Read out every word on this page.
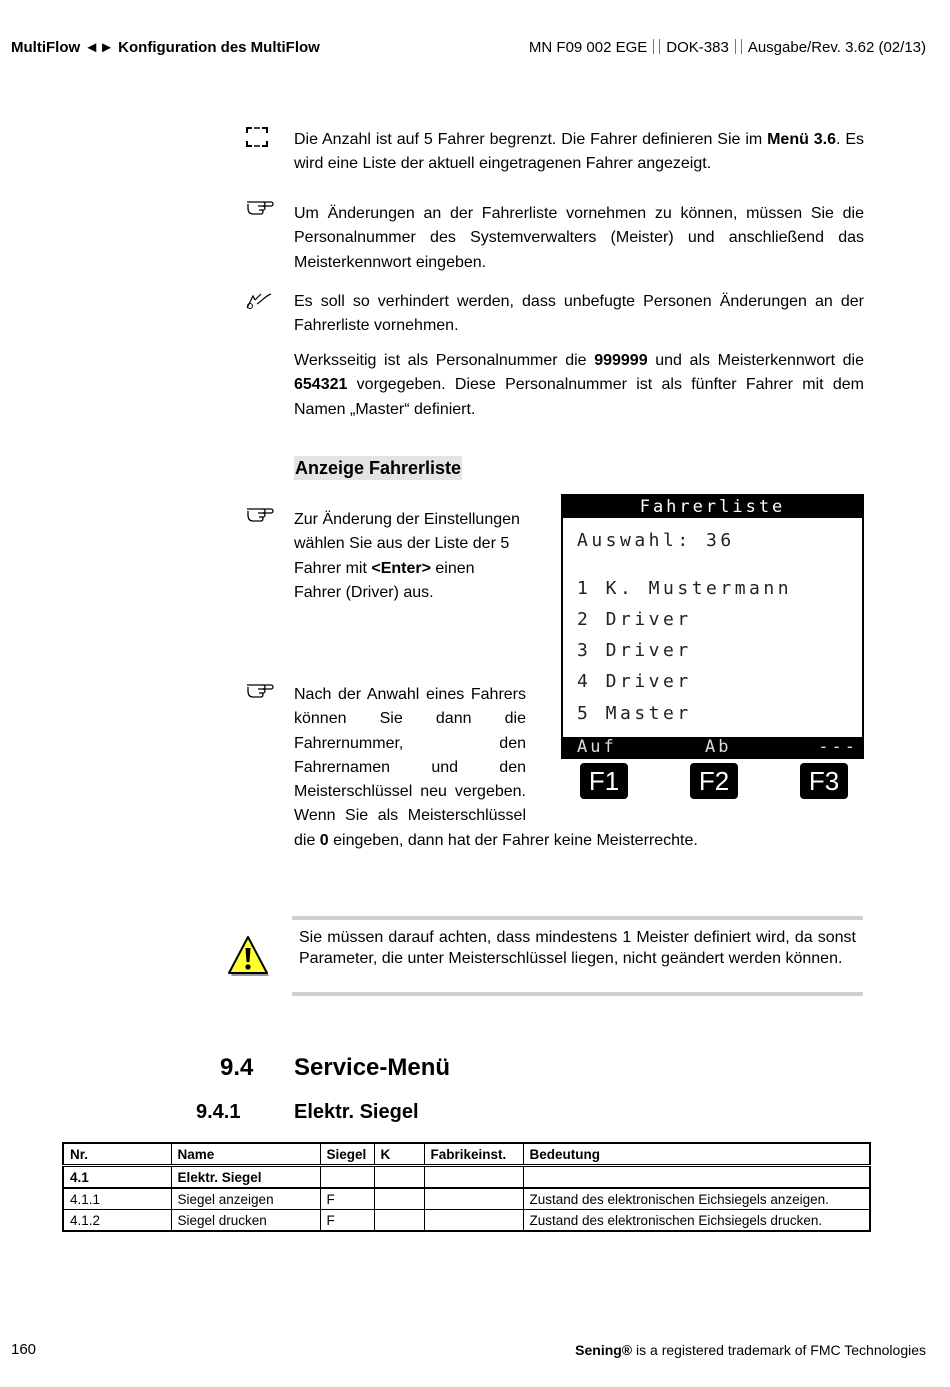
MultiFlow ◄► Konfiguration des MultiFlow	MN F09 002 EGE DOK-383 Ausgabe/Rev. 3.62 (02/13)
Die Anzahl ist auf 5 Fahrer begrenzt. Die Fahrer definieren Sie im Menü 3.6. Es wird eine Liste der aktuell eingetragenen Fahrer angezeigt.
Um Änderungen an der Fahrerliste vornehmen zu können, müssen Sie die Personalnummer des Systemverwalters (Meister) und anschließend das Meisterkennwort eingeben.
Es soll so verhindert werden, dass unbefugte Personen Änderungen an der Fahrerliste vornehmen.
Werksseitig ist als Personalnummer die 999999 und als Meisterkennwort die 654321 vorgegeben. Diese Personalnummer ist als fünfter Fahrer mit dem Namen „Master“ definiert.
Anzeige Fahrerliste
Zur Änderung der Einstellungen wählen Sie aus der Liste der 5 Fahrer mit <Enter> einen Fahrer (Driver) aus.
Nach der Anwahl eines Fahrers können Sie dann die Fahrernummer, den Fahrernamen und den Meisterschlüssel neu vergeben. Wenn Sie als Meisterschlüssel die 0 eingeben, dann hat der Fahrer keine Meisterrechte.
Fahrerliste
Auswahl: 36
1 K. Mustermann
2 Driver
3 Driver
4 Driver
5 Master
Auf	Ab	---
F1	F2	F3
Sie müssen darauf achten, dass mindestens 1 Meister definiert wird, da sonst Parameter, die unter Meisterschlüssel liegen, nicht geändert werden können.
9.4 Service-Menü
9.4.1	Elektr. Siegel
Nr.	Name	Siegel	K	Fabrikeinst.	Bedeutung
4.1	Elektr. Siegel				
4.1.1	Siegel anzeigen	F			Zustand des elektronischen Eichsiegels anzeigen.
4.1.2	Siegel drucken	F			Zustand des elektronischen Eichsiegels drucken.
160	Sening® is a registered trademark of FMC Technologies
